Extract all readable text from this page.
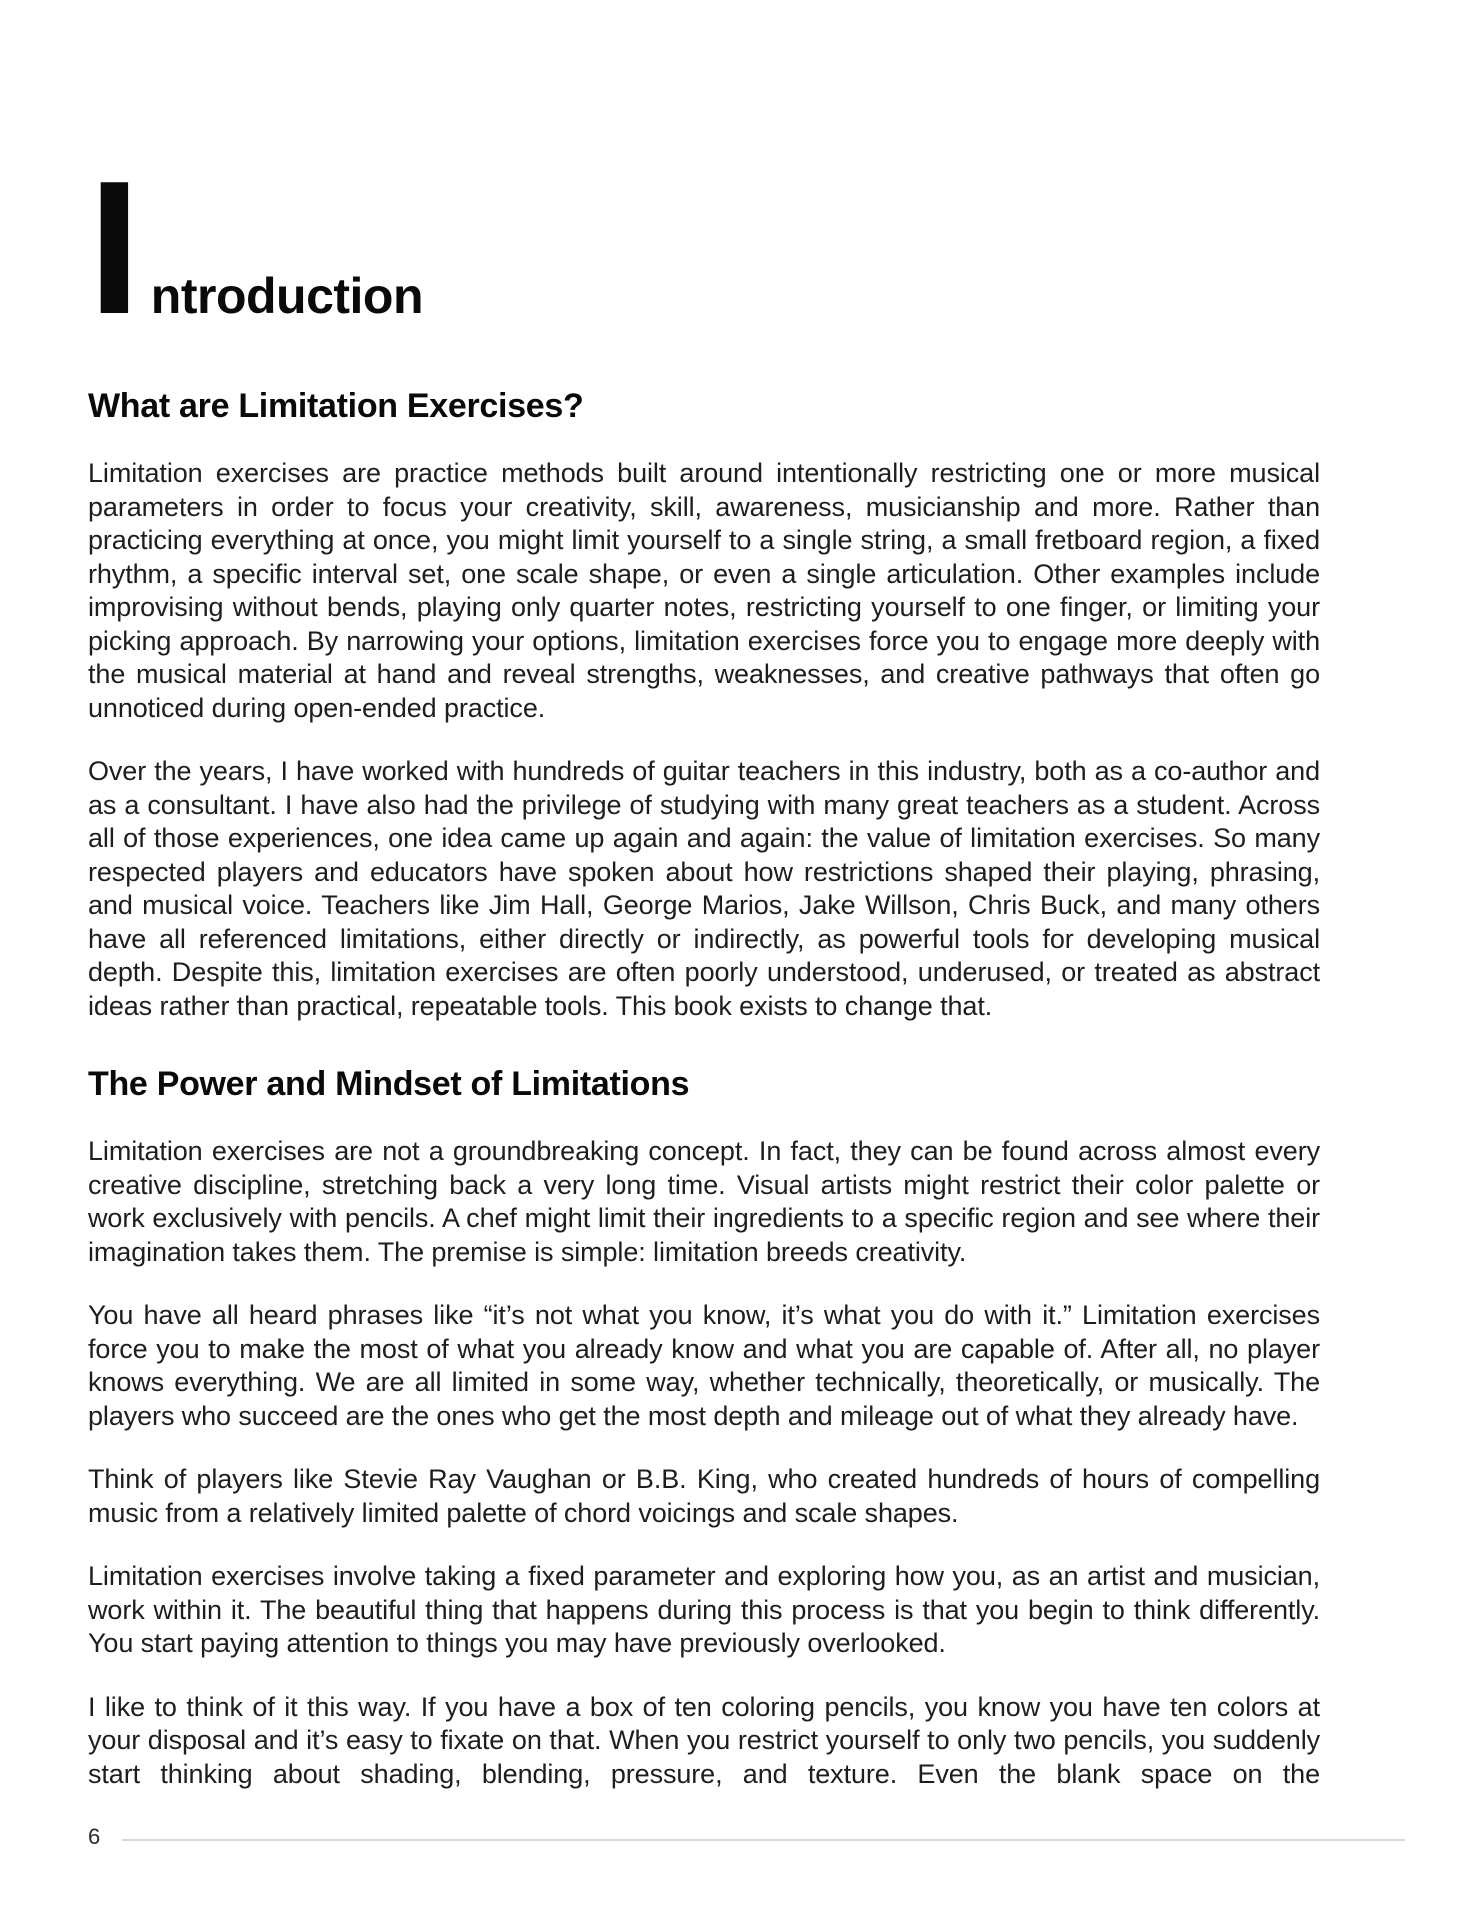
I ntroduction
What are Limitation Exercises?

Limitation exercises are practice methods built around intentionally restricting one or more musical parameters in order to focus your creativity, skill, awareness, musicianship and more. Rather than practicing everything at once, you might limit yourself to a single string, a small fretboard region, a fixed rhythm, a specific interval set, one scale shape, or even a single articulation. Other examples include improvising without bends, playing only quarter notes, restricting yourself to one finger, or limiting your picking approach. By narrowing your options, limitation exercises force you to engage more deeply with the musical material at hand and reveal strengths, weaknesses, and creative pathways that often go unnoticed during open-ended practice.

Over the years, I have worked with hundreds of guitar teachers in this industry, both as a co-author and as a consultant. I have also had the privilege of studying with many great teachers as a student. Across all of those experiences, one idea came up again and again: the value of limitation exercises. So many respected players and educators have spoken about how restrictions shaped their playing, phrasing, and musical voice. Teachers like Jim Hall, George Marios, Jake Willson, Chris Buck, and many others have all referenced limitations, either directly or indirectly, as powerful tools for developing musical depth. Despite this, limitation exercises are often poorly understood, underused, or treated as abstract ideas rather than practical, repeatable tools. This book exists to change that.

The Power and Mindset of Limitations

Limitation exercises are not a groundbreaking concept. In fact, they can be found across almost every creative discipline, stretching back a very long time. Visual artists might restrict their color palette or work exclusively with pencils. A chef might limit their ingredients to a specific region and see where their imagination takes them. The premise is simple: limitation breeds creativity.

You have all heard phrases like “it’s not what you know, it’s what you do with it.” Limitation exercises force you to make the most of what you already know and what you are capable of. After all, no player knows everything. We are all limited in some way, whether technically, theoretically, or musically. The players who succeed are the ones who get the most depth and mileage out of what they already have.

Think of players like Stevie Ray Vaughan or B.B. King, who created hundreds of hours of compelling music from a relatively limited palette of chord voicings and scale shapes.

Limitation exercises involve taking a fixed parameter and exploring how you, as an artist and musician, work within it. The beautiful thing that happens during this process is that you begin to think differently. You start paying attention to things you may have previously overlooked.

I like to think of it this way. If you have a box of ten coloring pencils, you know you have ten colors at your disposal and it’s easy to fixate on that. When you restrict yourself to only two pencils, you suddenly start thinking about shading, blending, pressure, and texture. Even the blank space on the

6
